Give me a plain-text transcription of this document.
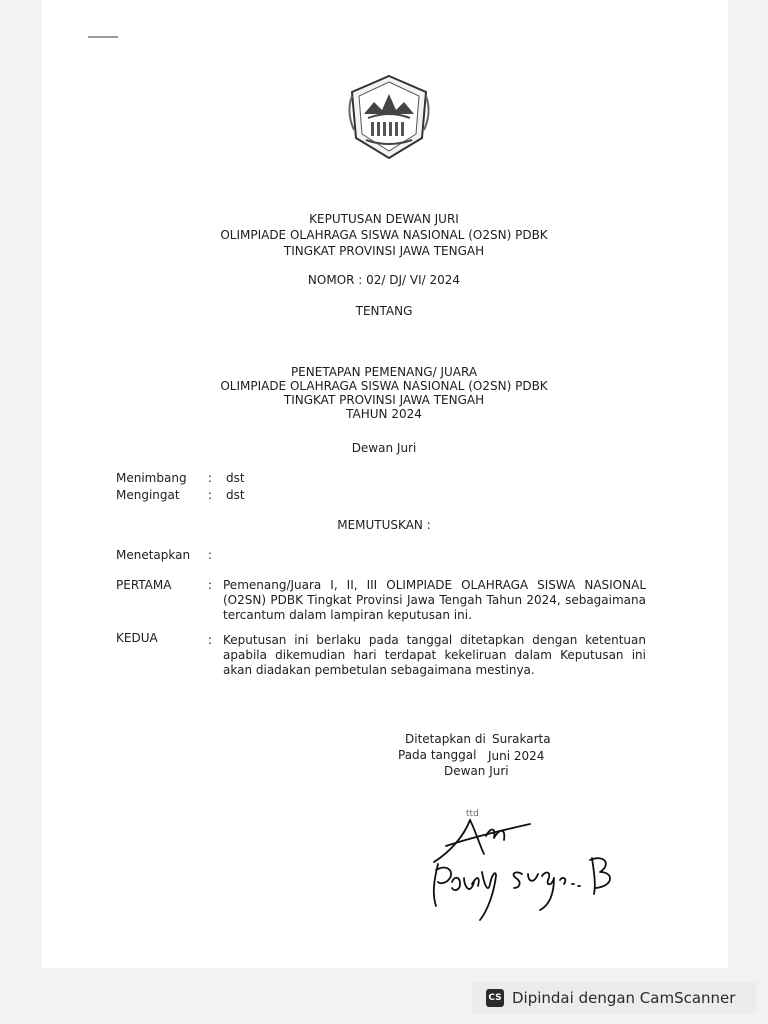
KEPUTUSAN DEWAN JURI
OLIMPIADE OLAHRAGA SISWA NASIONAL (O2SN) PDBK
TINGKAT PROVINSI JAWA TENGAH
NOMOR : 02/ DJ/ VI/ 2024
TENTANG
PENETAPAN PEMENANG/ JUARA
OLIMPIADE OLAHRAGA SISWA NASIONAL (O2SN) PDBK
TINGKAT PROVINSI JAWA TENGAH
TAHUN 2024
Dewan Juri
Menimbang : dst
Mengingat : dst
MEMUTUSKAN :
Menetapkan :
PERTAMA	: Pemenang/Juara I, II, III OLIMPIADE OLAHRAGA SISWA NASIONAL (O2SN) PDBK Tingkat Provinsi Jawa Tengah Tahun 2024, sebagaimana tercantum dalam lampiran keputusan ini.
KEDUA	: Keputusan ini berlaku pada tanggal ditetapkan dengan ketentuan apabila dikemudian hari terdapat kekeliruan dalam Keputusan ini akan diadakan pembetulan sebagaimana mestinya.
Ditetapkan di Surakarta
Pada tanggal Juni 2024
Dewan Juri
ttd
CS Dipindai dengan CamScanner
